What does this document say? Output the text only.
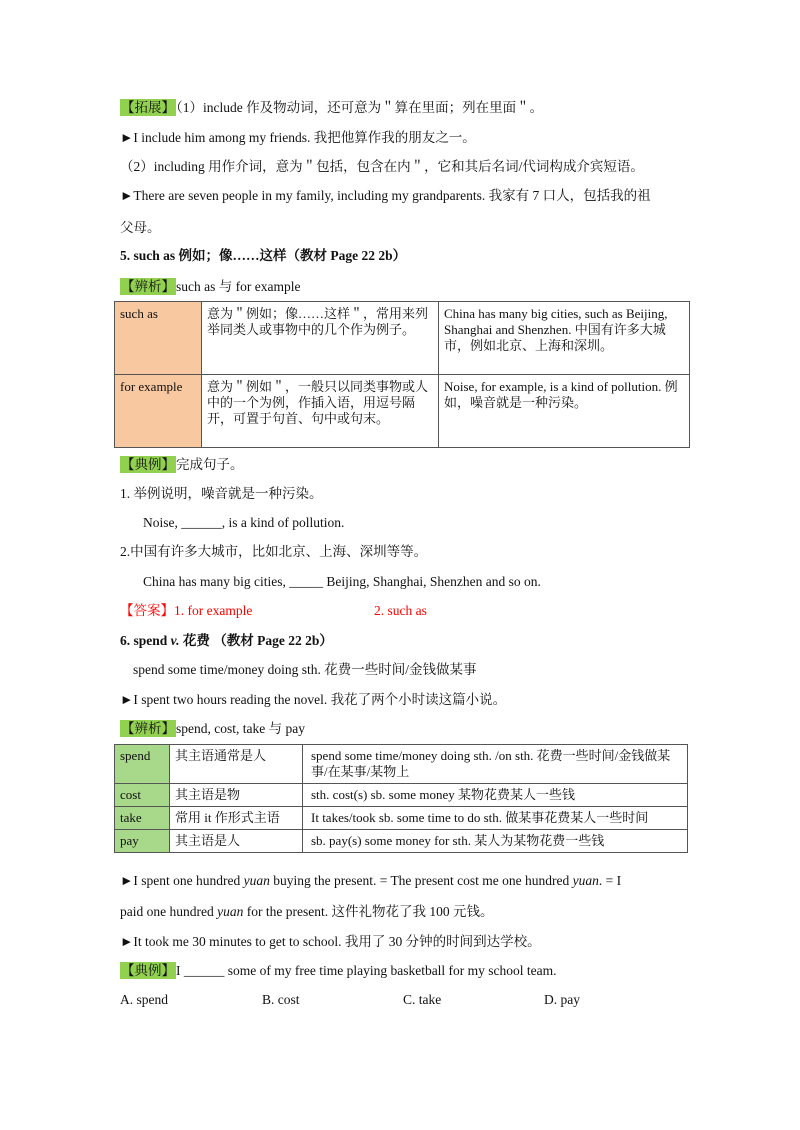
【拓展】（1）include 作及物动词，还可意为＂算在里面；列在里面＂。
►I include him among my friends. 我把他算作我的朋友之一。
（2）including 用作介词，意为＂包括，包含在内＂，它和其后名词/代词构成介宾短语。
►There are seven people in my family, including my grandparents. 我家有 7 口人，包括我的祖
父母。
5. such as 例如；像……这样（教材 Page 22 2b）
【辨析】such as 与 for example
such as	意为＂例如；像……这样＂，常用来列举同类人或事物中的几个作为例子。	China has many big cities, such as Beijing, Shanghai and Shenzhen. 中国有许多大城市，例如北京、上海和深圳。
for example	意为＂例如＂，一般只以同类事物或人中的一个为例，作插入语，用逗号隔开，可置于句首、句中或句末。	Noise, for example, is a kind of pollution. 例如，噪音就是一种污染。
【典例】完成句子。
1. 举例说明，噪音就是一种污染。
Noise, ______, is a kind of pollution.
2.中国有许多大城市，比如北京、上海、深圳等等。
China has many big cities, _____ Beijing, Shanghai, Shenzhen and so on.
【答案】1. for example	2. such as
6. spend v. 花费 （教材 Page 22 2b）
spend some time/money doing sth. 花费一些时间/金钱做某事
►I spent two hours reading the novel. 我花了两个小时读这篇小说。
【辨析】spend, cost, take 与 pay
spend	其主语通常是人	spend some time/money doing sth. /on sth. 花费一些时间/金钱做某事/在某事/某物上
cost	其主语是物	sth. cost(s) sb. some money 某物花费某人一些钱
take	常用 it 作形式主语	It takes/took sb. some time to do sth. 做某事花费某人一些时间
pay	其主语是人	sb. pay(s) some money for sth. 某人为某物花费一些钱
►I spent one hundred yuan buying the present. = The present cost me one hundred yuan. = I
paid one hundred yuan for the present. 这件礼物花了我 100 元钱。
►It took me 30 minutes to get to school. 我用了 30 分钟的时间到达学校。
【典例】I ______ some of my free time playing basketball for my school team.
A. spend	B. cost	C. take	D. pay
